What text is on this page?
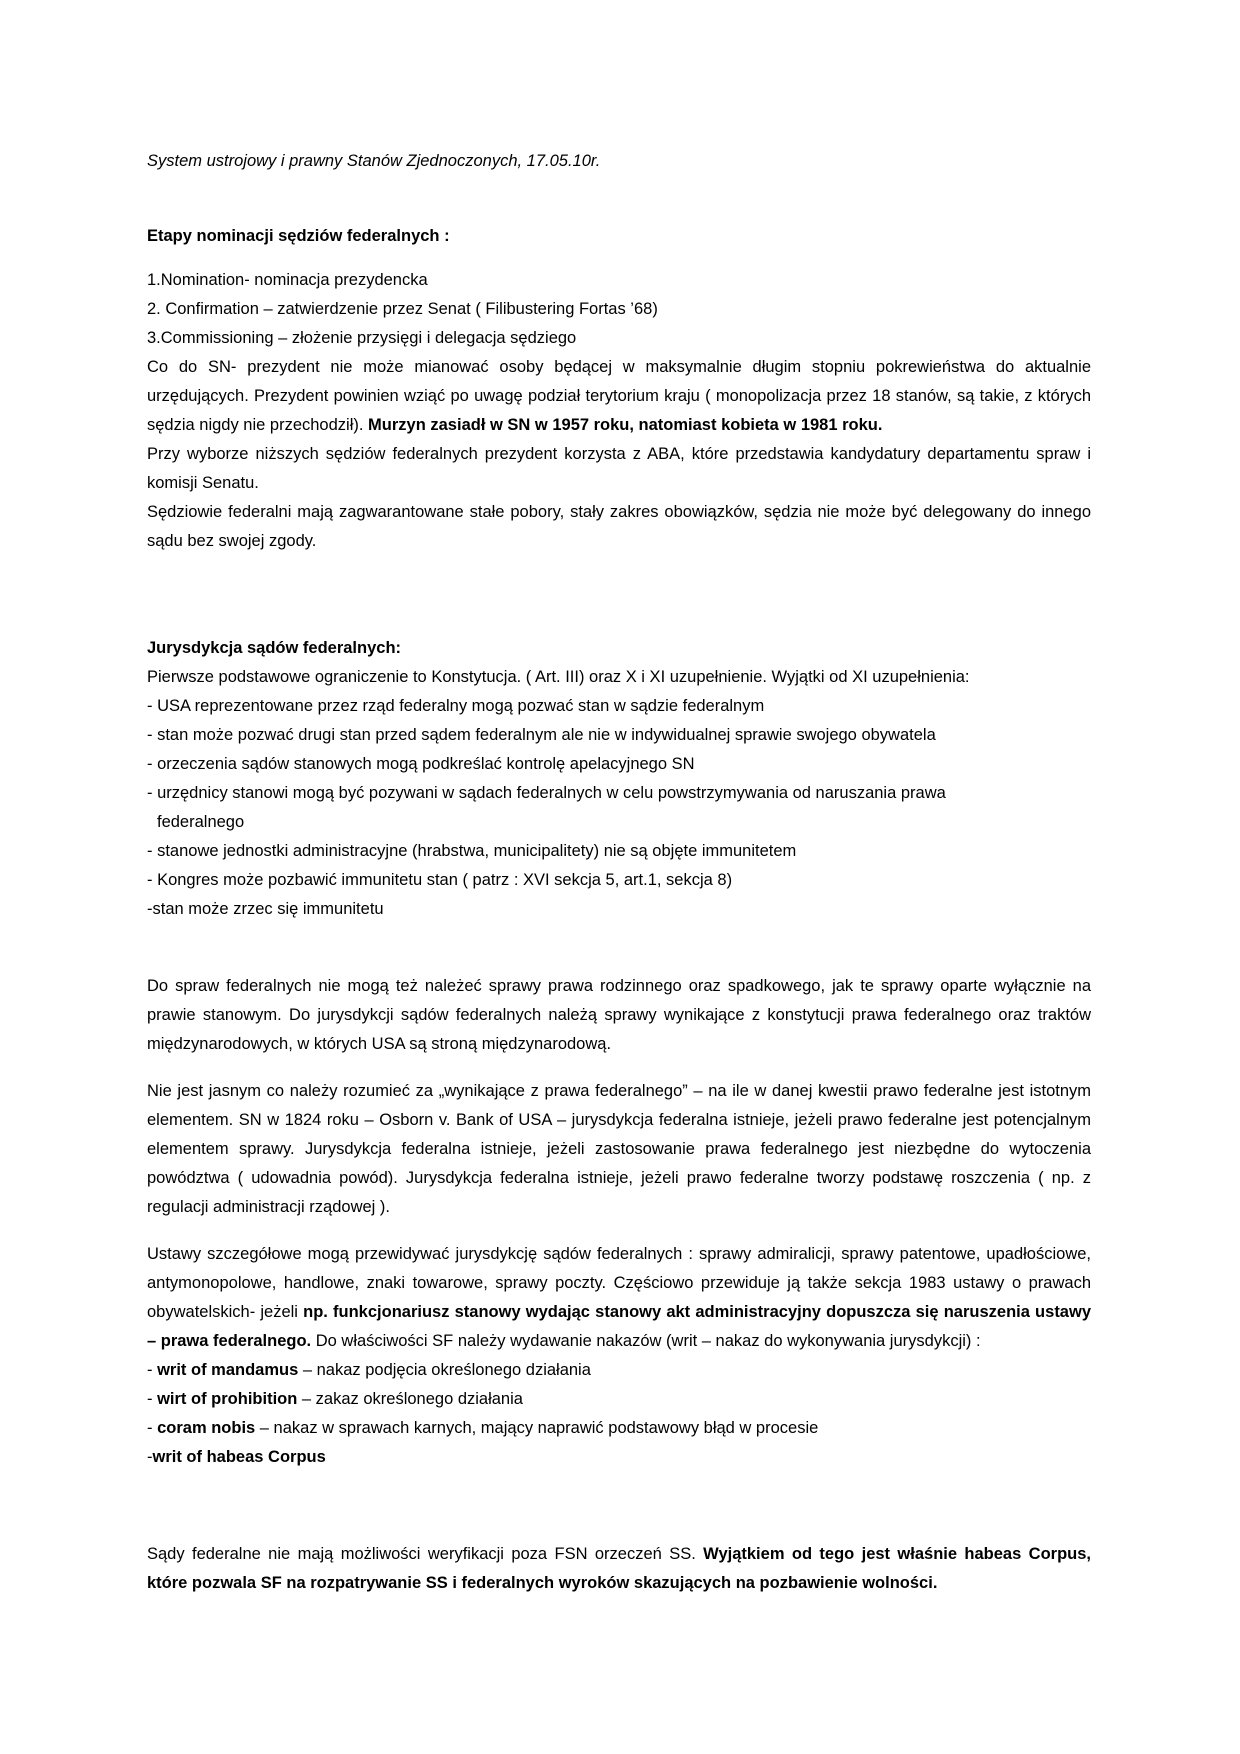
System ustrojowy i prawny Stanów Zjednoczonych, 17.05.10r.
Etapy nominacji sędziów federalnych :
1.Nomination- nominacja prezydencka
2. Confirmation – zatwierdzenie przez Senat ( Filibustering Fortas ’68)
3.Commissioning – złożenie przysięgi i delegacja sędziego
Co do SN- prezydent nie może mianować osoby będącej w maksymalnie długim stopniu pokrewieństwa do aktualnie urzędujących. Prezydent powinien wziąć po uwagę podział terytorium kraju ( monopolizacja przez 18 stanów, są takie, z których sędzia nigdy nie przechodził). Murzyn zasiadł w SN w 1957 roku, natomiast kobieta w 1981 roku.
Przy wyborze niższych sędziów federalnych prezydent korzysta z ABA, które przedstawia kandydatury departamentu spraw i komisji Senatu.
Sędziowie federalni mają zagwarantowane stałe pobory, stały zakres obowiązków, sędzia nie może być delegowany do innego sądu bez swojej zgody.
Jurysdykcja sądów federalnych:
Pierwsze podstawowe ograniczenie to Konstytucja. ( Art. III) oraz X i XI uzupełnienie. Wyjątki od XI uzupełnienia:
- USA reprezentowane przez rząd federalny mogą pozwać stan w sądzie federalnym
- stan może pozwać drugi stan przed sądem federalnym ale nie w indywidualnej sprawie swojego obywatela
- orzeczenia sądów stanowych mogą podkreślać kontrolę apelacyjnego SN
- urzędnicy stanowi mogą być pozywani w sądach federalnych w celu powstrzymywania od naruszania prawa
federalnego
- stanowe jednostki administracyjne (hrabstwa, municipalitety) nie są objęte immunitetem
- Kongres może pozbawić immunitetu stan ( patrz : XVI sekcja 5, art.1, sekcja 8)
-stan może zrzec się immunitetu
Do spraw federalnych nie mogą też należeć sprawy prawa rodzinnego oraz spadkowego, jak te sprawy oparte wyłącznie na prawie stanowym. Do jurysdykcji sądów federalnych należą sprawy wynikające z konstytucji prawa federalnego oraz traktów międzynarodowych, w których USA są stroną międzynarodową.
Nie jest jasnym co należy rozumieć za „wynikające z prawa federalnego” – na ile w danej kwestii prawo federalne jest istotnym elementem. SN w 1824 roku – Osborn v. Bank of USA – jurysdykcja federalna istnieje, jeżeli prawo federalne jest potencjalnym elementem sprawy. Jurysdykcja federalna istnieje, jeżeli zastosowanie prawa federalnego jest niezbędne do wytoczenia powództwa ( udowadnia powód). Jurysdykcja federalna istnieje, jeżeli prawo federalne tworzy podstawę roszczenia ( np. z regulacji administracji rządowej ).
Ustawy szczegółowe mogą przewidywać jurysdykcję sądów federalnych : sprawy admiralicji, sprawy patentowe, upadłościowe, antymonopolowe, handlowe, znaki towarowe, sprawy poczty. Częściowo przewiduje ją także sekcja 1983 ustawy o prawach obywatelskich- jeżeli np. funkcjonariusz stanowy wydając stanowy akt administracyjny dopuszcza się naruszenia ustawy – prawa federalnego. Do właściwości SF należy wydawanie nakazów (writ – nakaz do wykonywania jurysdykcji) :
- writ of mandamus – nakaz podjęcia określonego działania
- wirt of prohibition – zakaz określonego działania
- coram nobis – nakaz w sprawach karnych, mający naprawić podstawowy błąd w procesie
-writ of habeas Corpus
Sądy federalne nie mają możliwości weryfikacji poza FSN orzeczeń SS. Wyjątkiem od tego jest właśnie habeas Corpus, które pozwala SF na rozpatrywanie SS i federalnych wyroków skazujących na pozbawienie wolności.
